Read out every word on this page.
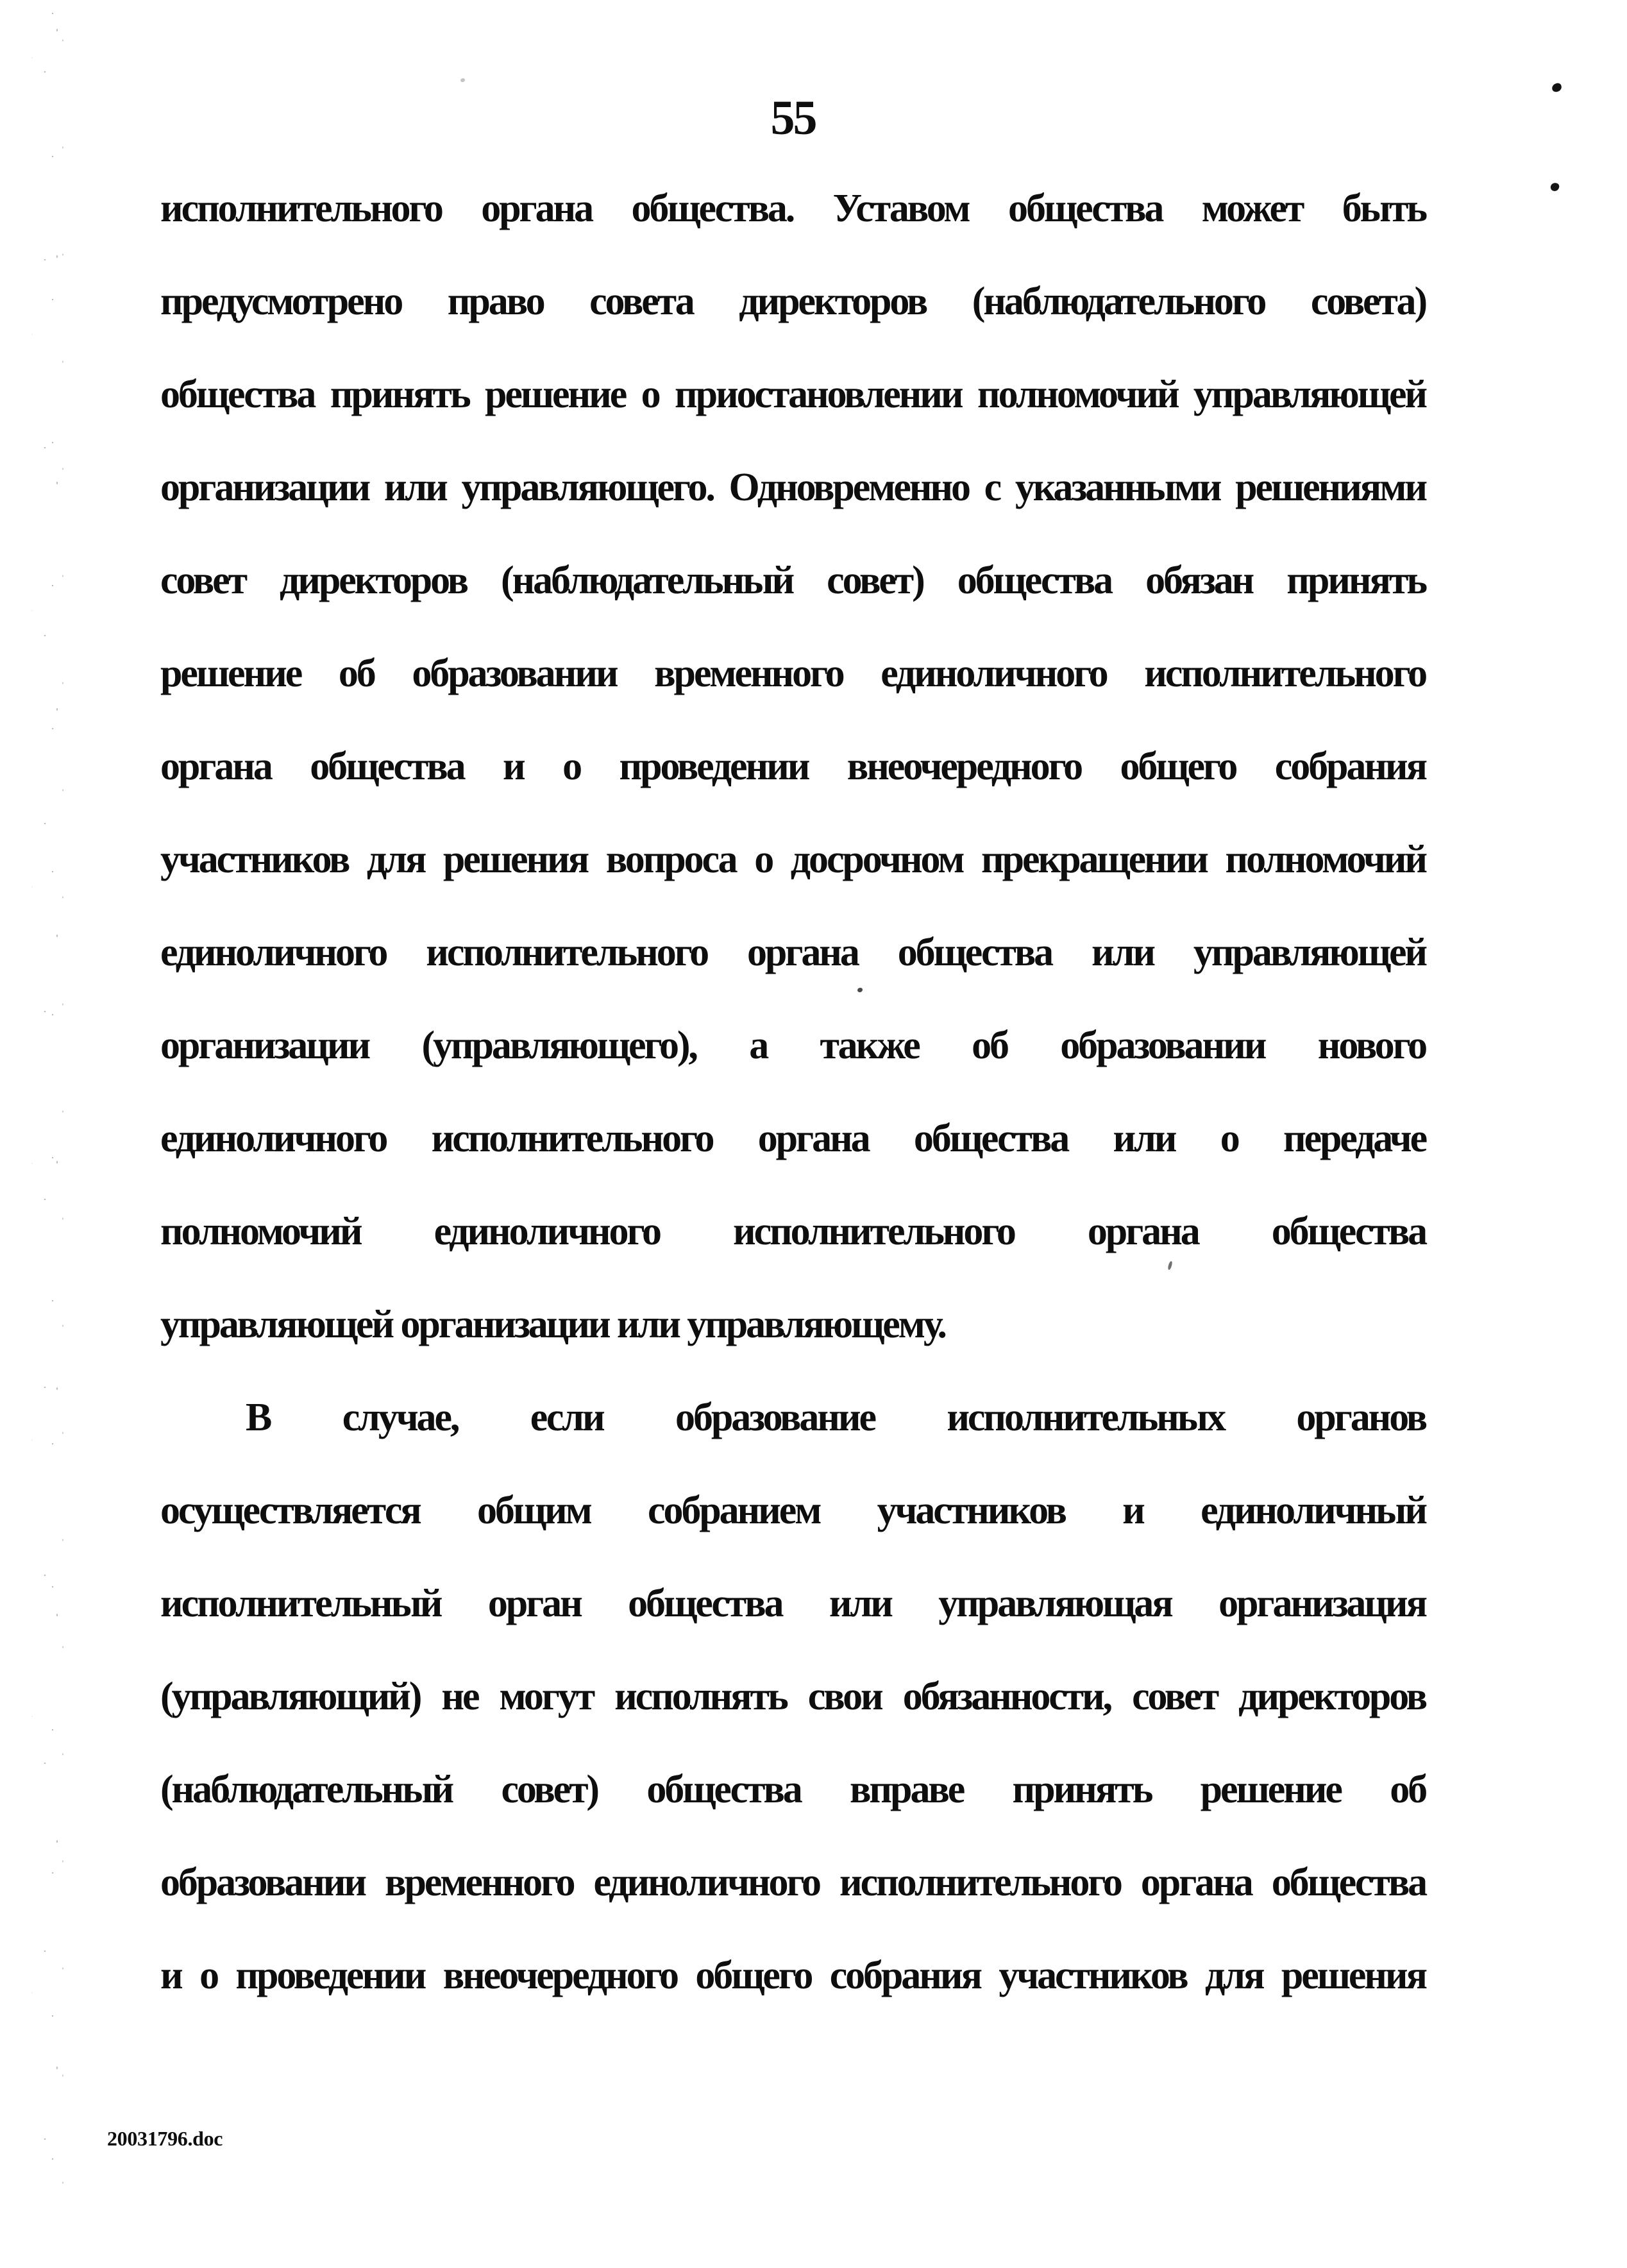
55
исполнительного органа общества. Уставом общества может быть
предусмотрено право совета директоров (наблюдательного совета)
общества принять решение о приостановлении полномочий управляющей
организации или управляющего. Одновременно с указанными решениями
совет директоров (наблюдательный совет) общества обязан принять
решение об образовании временного единоличного исполнительного
органа общества и о проведении внеочередного общего собрания
участников для решения вопроса о досрочном прекращении полномочий
единоличного исполнительного органа общества или управляющей
организации (управляющего), а также об образовании нового
единоличного исполнительного органа общества или о передаче
полномочий единоличного исполнительного органа общества
управляющей организации или управляющему.
В случае, если образование исполнительных органов
осуществляется общим собранием участников и единоличный
исполнительный орган общества или управляющая организация
(управляющий) не могут исполнять свои обязанности, совет директоров
(наблюдательный совет) общества вправе принять решение об
образовании временного единоличного исполнительного органа общества
и о проведении внеочередного общего собрания участников для решения
20031796.doc
